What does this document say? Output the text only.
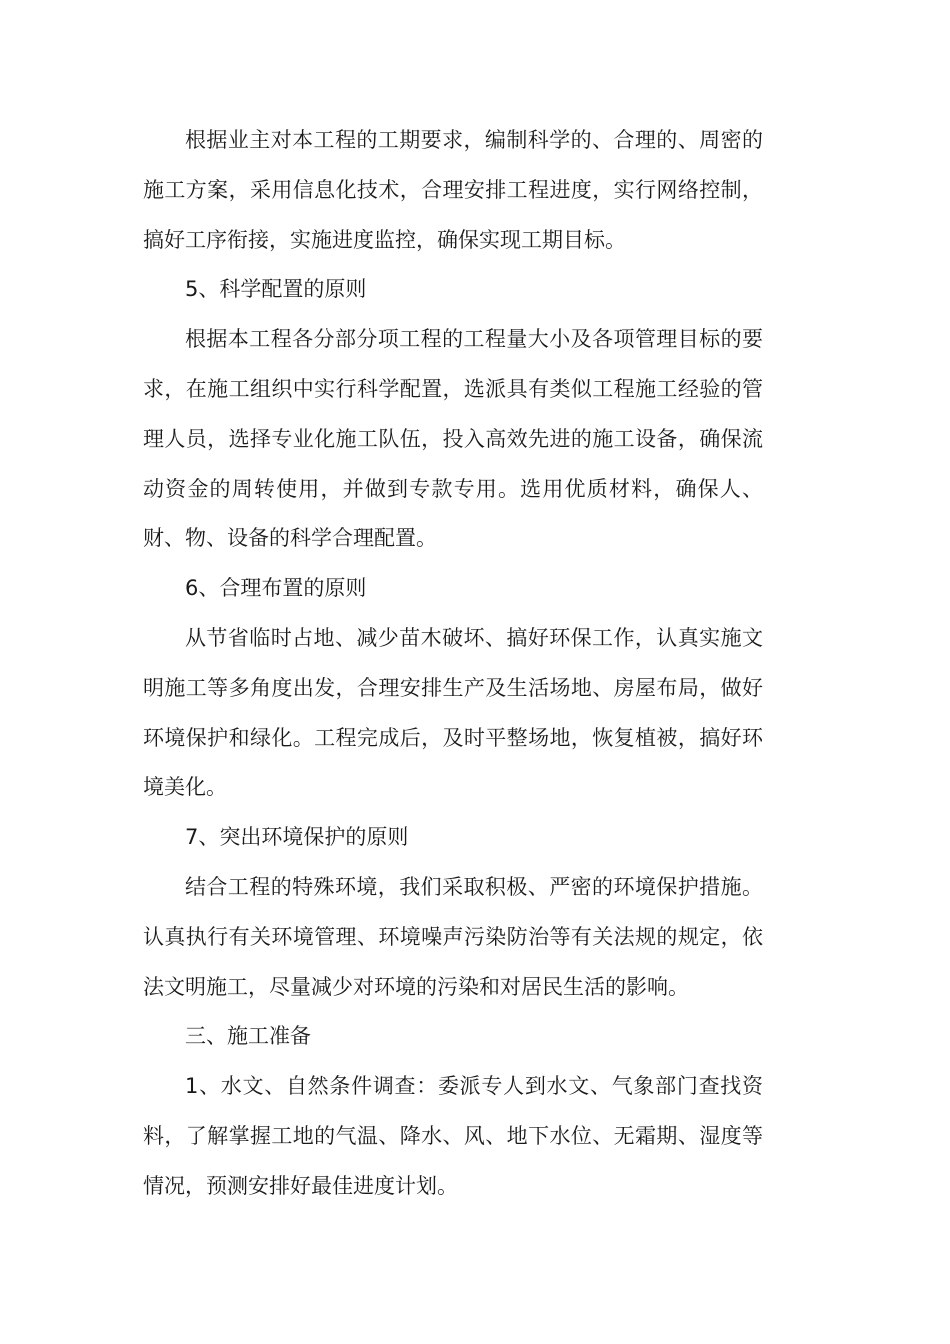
根据业主对本工程的工期要求，编制科学的、合理的、周密的施工方案，采用信息化技术，合理安排工程进度，实行网络控制，搞好工序衔接，实施进度监控，确保实现工期目标。

5、科学配置的原则

根据本工程各分部分项工程的工程量大小及各项管理目标的要求，在施工组织中实行科学配置，选派具有类似工程施工经验的管理人员，选择专业化施工队伍，投入高效先进的施工设备，确保流动资金的周转使用，并做到专款专用。选用优质材料，确保人、财、物、设备的科学合理配置。

6、合理布置的原则

从节省临时占地、减少苗木破坏、搞好环保工作，认真实施文明施工等多角度出发，合理安排生产及生活场地、房屋布局，做好环境保护和绿化。工程完成后，及时平整场地，恢复植被，搞好环境美化。

7、突出环境保护的原则

结合工程的特殊环境，我们采取积极、严密的环境保护措施。认真执行有关环境管理、环境噪声污染防治等有关法规的规定，依法文明施工，尽量减少对环境的污染和对居民生活的影响。

三、施工准备

1、水文、自然条件调查：委派专人到水文、气象部门查找资料，了解掌握工地的气温、降水、风、地下水位、无霜期、湿度等情况，预测安排好最佳进度计划。
